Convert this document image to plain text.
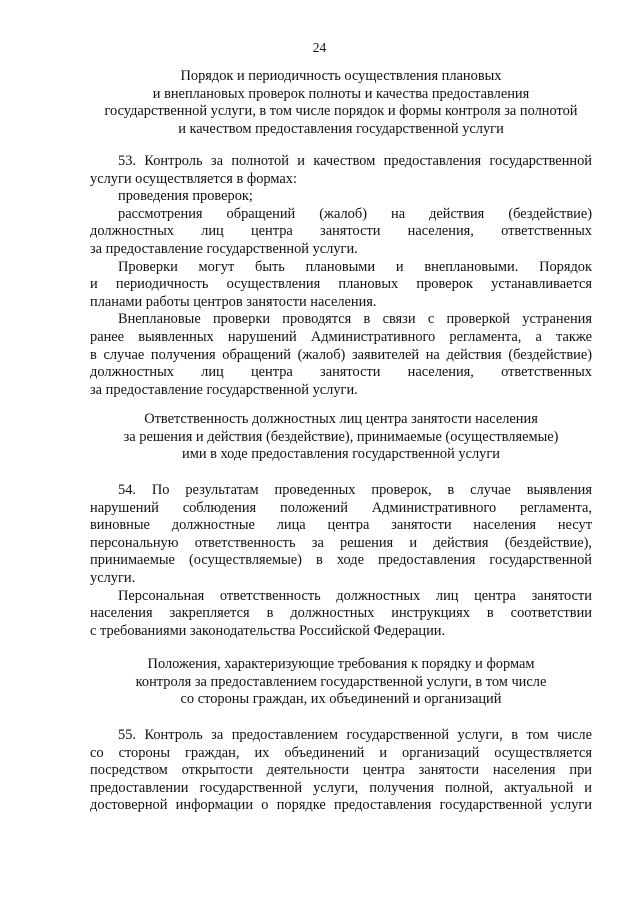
24
Порядок и периодичность осуществления плановых
и внеплановых проверок полноты и качества предоставления
государственной услуги, в том числе порядок и формы контроля за полнотой
и качеством предоставления государственной услуги

53. Контроль за полнотой и качеством предоставления государственной
услуги осуществляется в формах:

проведения проверок;

рассмотрения обращений (жалоб) на действия (бездействие)
должностных лиц центра занятости населения, ответственных
за предоставление государственной услуги.

Проверки могут быть плановыми и внеплановыми. Порядок
и периодичность осуществления плановых проверок устанавливается
планами работы центров занятости населения.

Внеплановые проверки проводятся в связи с проверкой устранения
ранее выявленных нарушений Административного регламента, а также
в случае получения обращений (жалоб) заявителей на действия (бездействие)
должностных лиц центра занятости населения, ответственных
за предоставление государственной услуги.

Ответственность должностных лиц центра занятости населения
за решения и действия (бездействие), принимаемые (осуществляемые)
ими в ходе предоставления государственной услуги

54. По результатам проведенных проверок, в случае выявления
нарушений соблюдения положений Административного регламента,
виновные должностные лица центра занятости населения несут
персональную ответственность за решения и действия (бездействие),
принимаемые (осуществляемые) в ходе предоставления государственной
услуги.

Персональная ответственность должностных лиц центра занятости
населения закрепляется в должностных инструкциях в соответствии
с требованиями законодательства Российской Федерации.

Положения, характеризующие требования к порядку и формам
контроля за предоставлением государственной услуги, в том числе
со стороны граждан, их объединений и организаций

55. Контроль за предоставлением государственной услуги, в том числе
со стороны граждан, их объединений и организаций осуществляется
посредством открытости деятельности центра занятости населения при
предоставлении государственной услуги, получения полной, актуальной и
достоверной информации о порядке предоставления государственной услуги
